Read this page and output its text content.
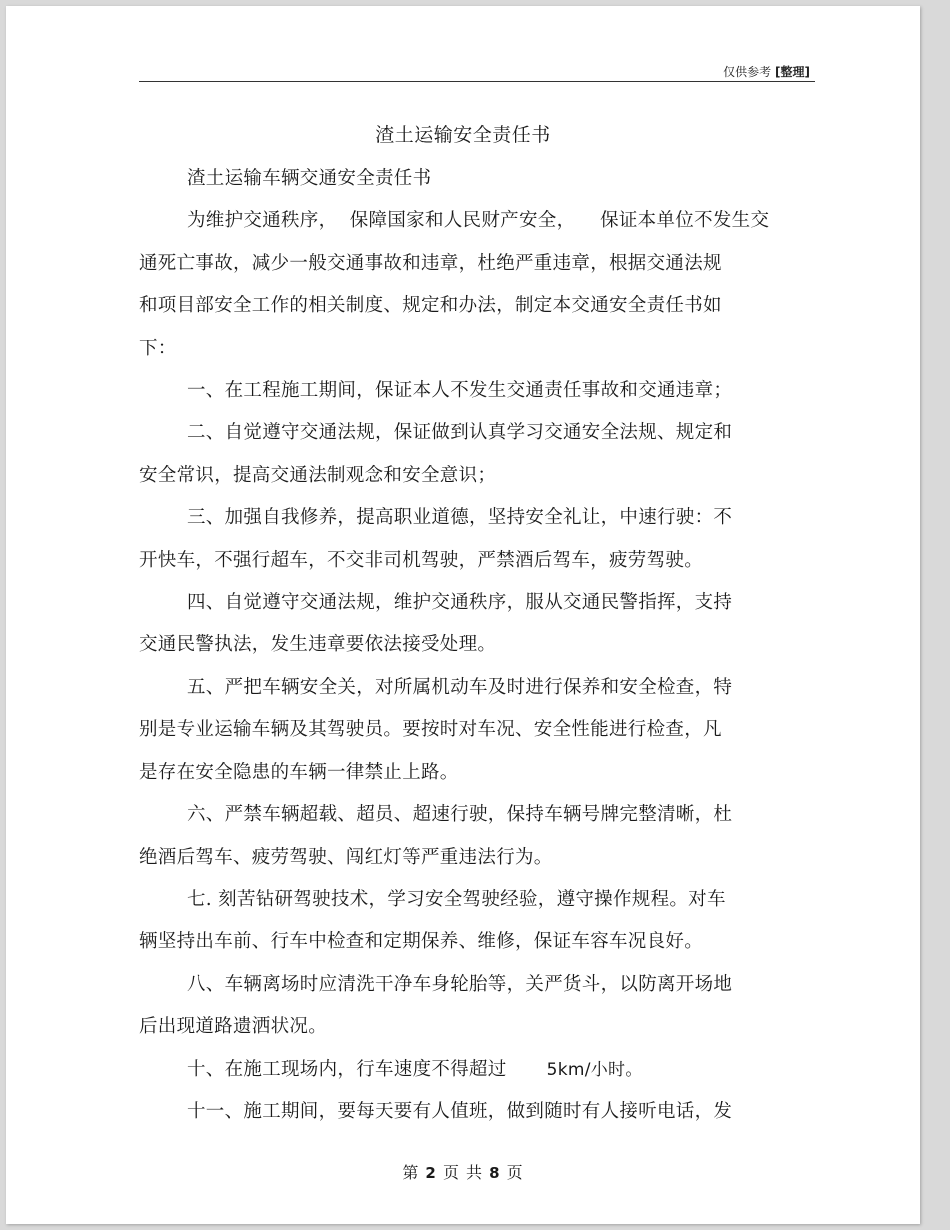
仅供参考 [整理]
渣土运输安全责任书

渣土运输车辆交通安全责任书

为维护交通秩序，  保障国家和人民财产安全，    保证本单位不发生交

通死亡事故，减少一般交通事故和违章，杜绝严重违章，根据交通法规

和项目部安全工作的相关制度、规定和办法，制定本交通安全责任书如

下：

一、在工程施工期间，保证本人不发生交通责任事故和交通违章；

二、自觉遵守交通法规，保证做到认真学习交通安全法规、规定和

安全常识，提高交通法制观念和安全意识；

三、加强自我修养，提高职业道德，坚持安全礼让，中速行驶：不

开快车，不强行超车，不交非司机驾驶，严禁酒后驾车，疲劳驾驶。

四、自觉遵守交通法规，维护交通秩序，服从交通民警指挥，支持

交通民警执法，发生违章要依法接受处理。

五、严把车辆安全关，对所属机动车及时进行保养和安全检查，特

别是专业运输车辆及其驾驶员。要按时对车况、安全性能进行检查，凡

是存在安全隐患的车辆一律禁止上路。

六、严禁车辆超载、超员、超速行驶，保持车辆号牌完整清晰，杜

绝酒后驾车、疲劳驾驶、闯红灯等严重违法行为。

七. 刻苦钻研驾驶技术，学习安全驾驶经验，遵守操作规程。对车

辆坚持出车前、行车中检查和定期保养、维修，保证车容车况良好。

八、车辆离场时应清洗干净车身轮胎等，关严货斗，以防离开场地

后出现道路遗洒状况。

十、在施工现场内，行车速度不得超过 5km/小时。

十一、施工期间，要每天要有人值班，做到随时有人接听电话，发

第 2 页 共 8 页
